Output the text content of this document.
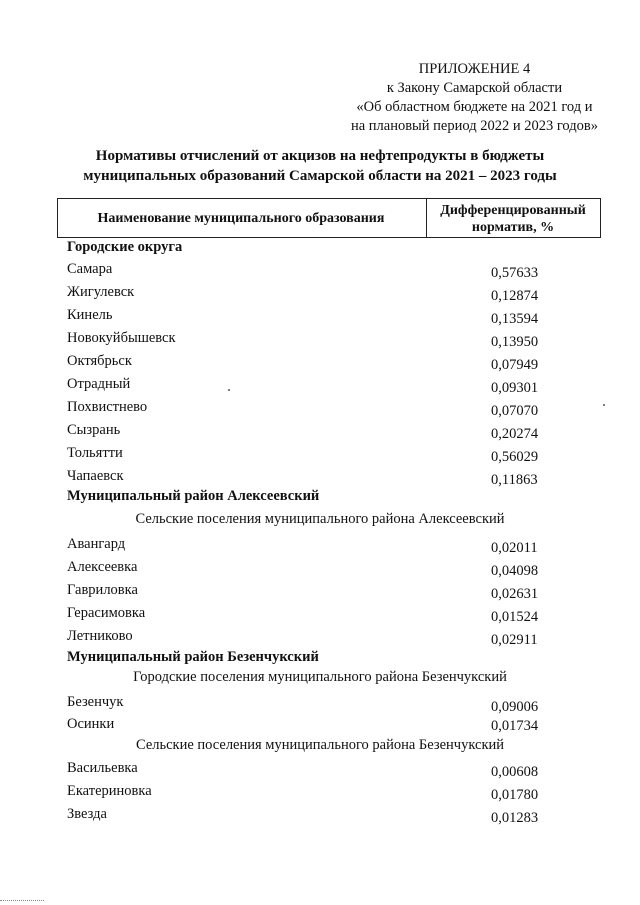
ПРИЛОЖЕНИЕ 4
к Закону Самарской области
«Об областном бюджете на 2021 год и
на плановый период 2022 и 2023 годов»
Нормативы отчислений от акцизов на нефтепродукты в бюджеты
муниципальных образований Самарской области на 2021 – 2023 годы
Наименование муниципального образования
Дифференцированный
норматив, %
Городские округа
Самара	0,57633
Жигулевск	0,12874
Кинель	0,13594
Новокуйбышевск	0,13950
Октябрьск	0,07949
Отрадный	0,09301
Похвистнево	0,07070
Сызрань	0,20274
Тольятти	0,56029
Чапаевск	0,11863
Муниципальный район Алексеевский
Сельские поселения муниципального района Алексеевский
Авангард	0,02011
Алексеевка	0,04098
Гавриловка	0,02631
Герасимовка	0,01524
Летниково	0,02911
Муниципальный район Безенчукский
Городские поселения муниципального района Безенчукский
Безенчук	0,09006
Осинки	0,01734
Сельские поселения муниципального района Безенчукский
Васильевка	0,00608
Екатериновка	0,01780
Звезда	0,01283
